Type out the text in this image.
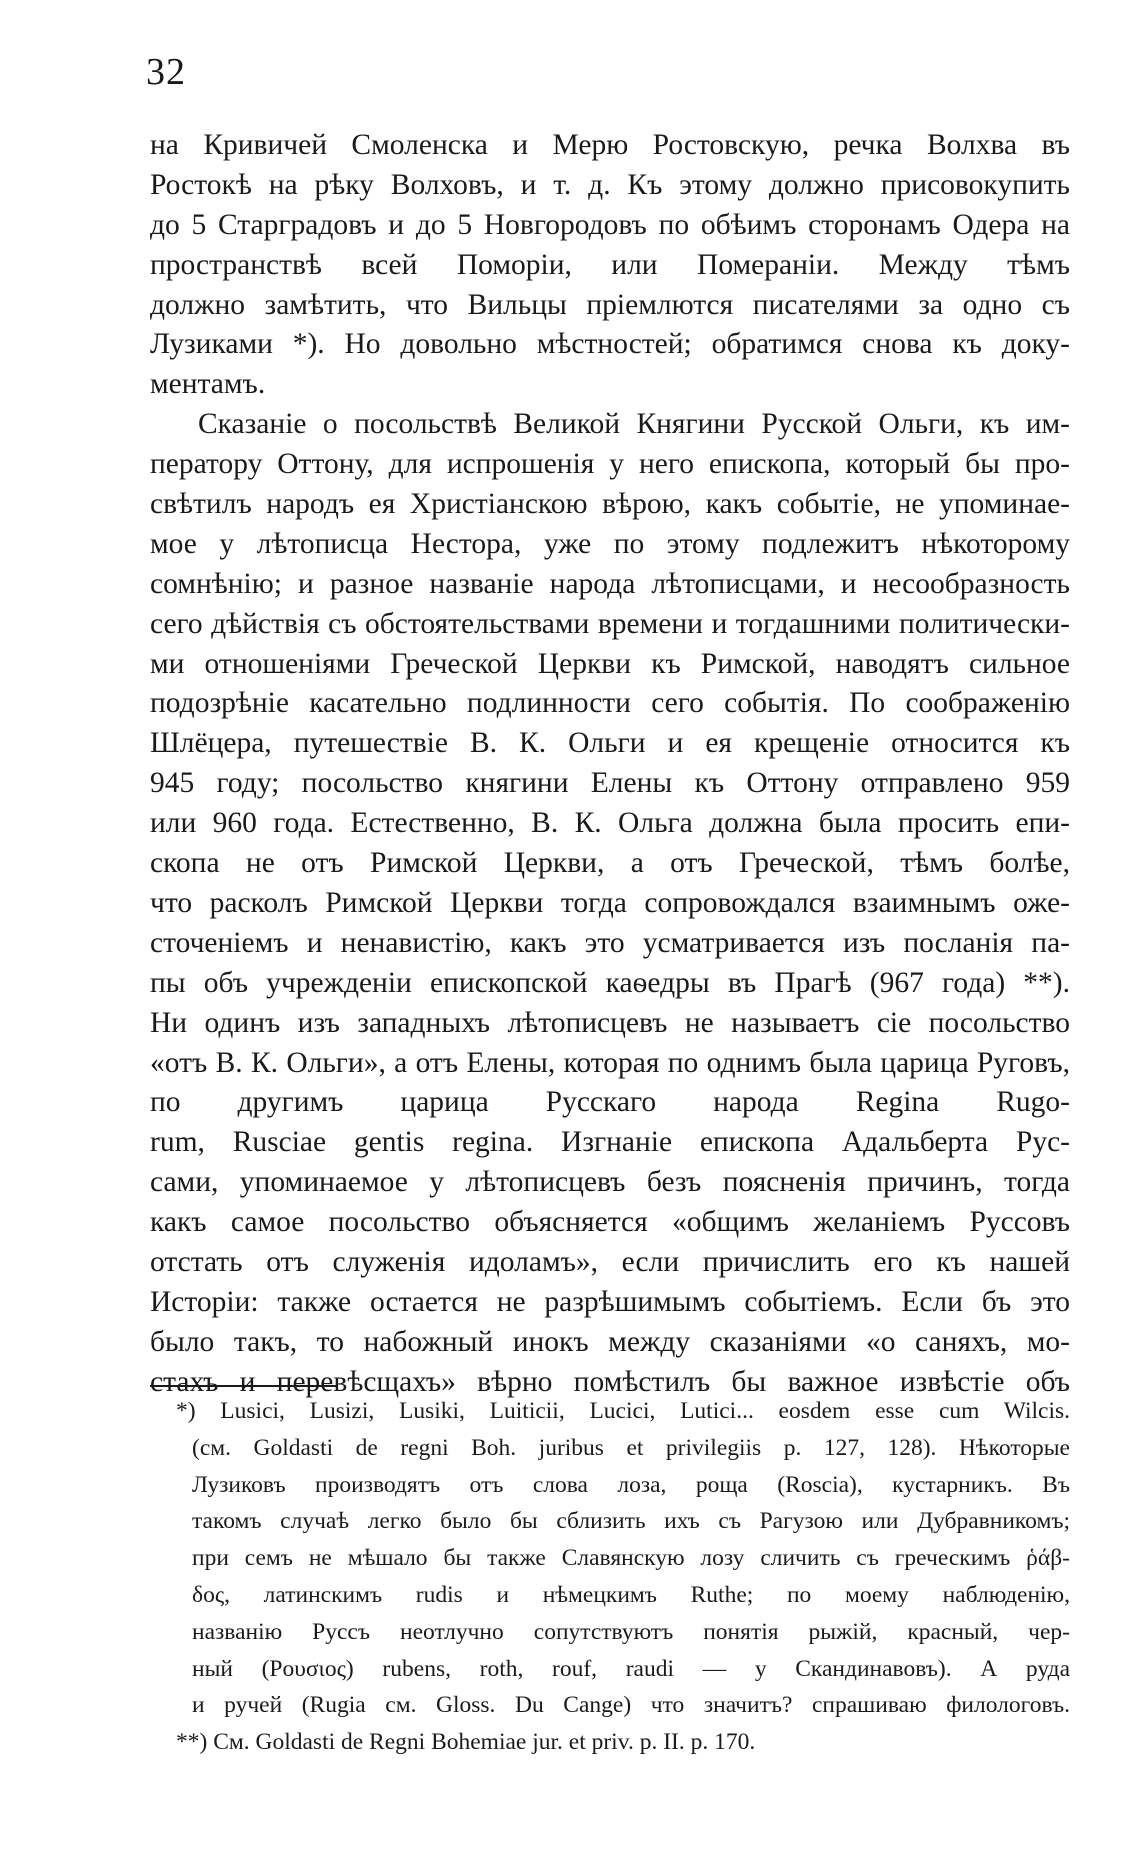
32
на Кривичей Смоленска и Мерю Ростовскую, речка Волхва въ
Ростокѣ на рѣку Волховъ, и т. д. Къ этому должно присовокупить
до 5 Старградовъ и до 5 Новгородовъ по обѣимъ сторонамъ Одера на пространствѣ всей Поморіи, или Помераніи. Между тѣмъ
должно замѣтить, что Вильцы пріемлются писателями за одно съ
Лузиками *). Но довольно мѣстностей; обратимся снова къ доку-
ментамъ.
Сказаніе о посольствѣ Великой Княгини Русской Ольги, къ им-
ператору Оттону, для испрошенія у него епископа, который бы про-
свѣтилъ народъ ея Христіанскою вѣрою, какъ событіе, не упоминае-
мое у лѣтописца Нестора, уже по этому подлежитъ нѣкоторому
сомнѣнію; и разное названіе народа лѣтописцами, и несообразность
сего дѣйствія съ обстоятельствами времени и тогдашними политически-
ми отношеніями Греческой Церкви къ Римской, наводятъ сильное
подозрѣніе касательно подлинности сего событія. По соображенію
Шлёцера, путешествіе В. К. Ольги и ея крещеніе относится къ
945 году; посольство княгини Елены къ Оттону отправлено 959
или 960 года. Естественно, В. К. Ольга должна была просить епи-
скопа не отъ Римской Церкви, а отъ Греческой, тѣмъ болѣе,
что расколъ Римской Церкви тогда сопровождался взаимнымъ оже-
сточеніемъ и ненавистію, какъ это усматривается изъ посланія па-
пы объ учрежденіи епископской каѳедры въ Прагѣ (967 года) **).
Ни одинъ изъ западныхъ лѣтописцевъ не называетъ сіе посольство
«отъ В. К. Ольги», а отъ Елены, которая по однимъ была царица Руговъ, по другимъ царица Русскаго народа Regina Rugo-
rum, Rusciae gentis regina. Изгнаніе епископа Адальберта Рус-
сами, упоминаемое у лѣтописцевъ безъ поясненія причинъ, тогда
какъ самое посольство объясняется «общимъ желаніемъ Руссовъ
отстать отъ служенія идоламъ», если причислить его къ нашей
Исторіи: также остается не разрѣшимымъ событіемъ. Если бъ это
было такъ, то набожный инокъ между сказаніями «о саняхъ, мо-
стахъ и перевѣсщахъ» вѣрно помѣстилъ бы важное извѣстіе объ
*) Lusici, Lusizi, Lusiki, Luiticii, Lucici, Lutici... eosdem esse cum Wilcis.
(см. Goldasti de regni Boh. juribus et privilegiis p. 127, 128). Нѣкоторые
Лузиковъ производятъ отъ слова лоза, роща (Roscia), кустарникъ. Въ
такомъ случаѣ легко было бы сблизить ихъ съ Рагузою или Дубравникомъ;
при семъ не мѣшало бы также Славянскую лозу сличить съ греческимъ ῥάβ-
δος, латинскимъ rudis и нѣмецкимъ Ruthe; по моему наблюденію,
названію Руссъ неотлучно сопутствуютъ понятія рыжій, красный, чер-
ный (Ρουσιος) rubens, roth, rouf, raudi — у Скандинавовъ). А руда
и ручей (Rugia см. Gloss. Du Cange) что значитъ? спрашиваю филологовъ.
**) См. Goldasti de Regni Bohemiae jur. et priv. p. II. p. 170.
